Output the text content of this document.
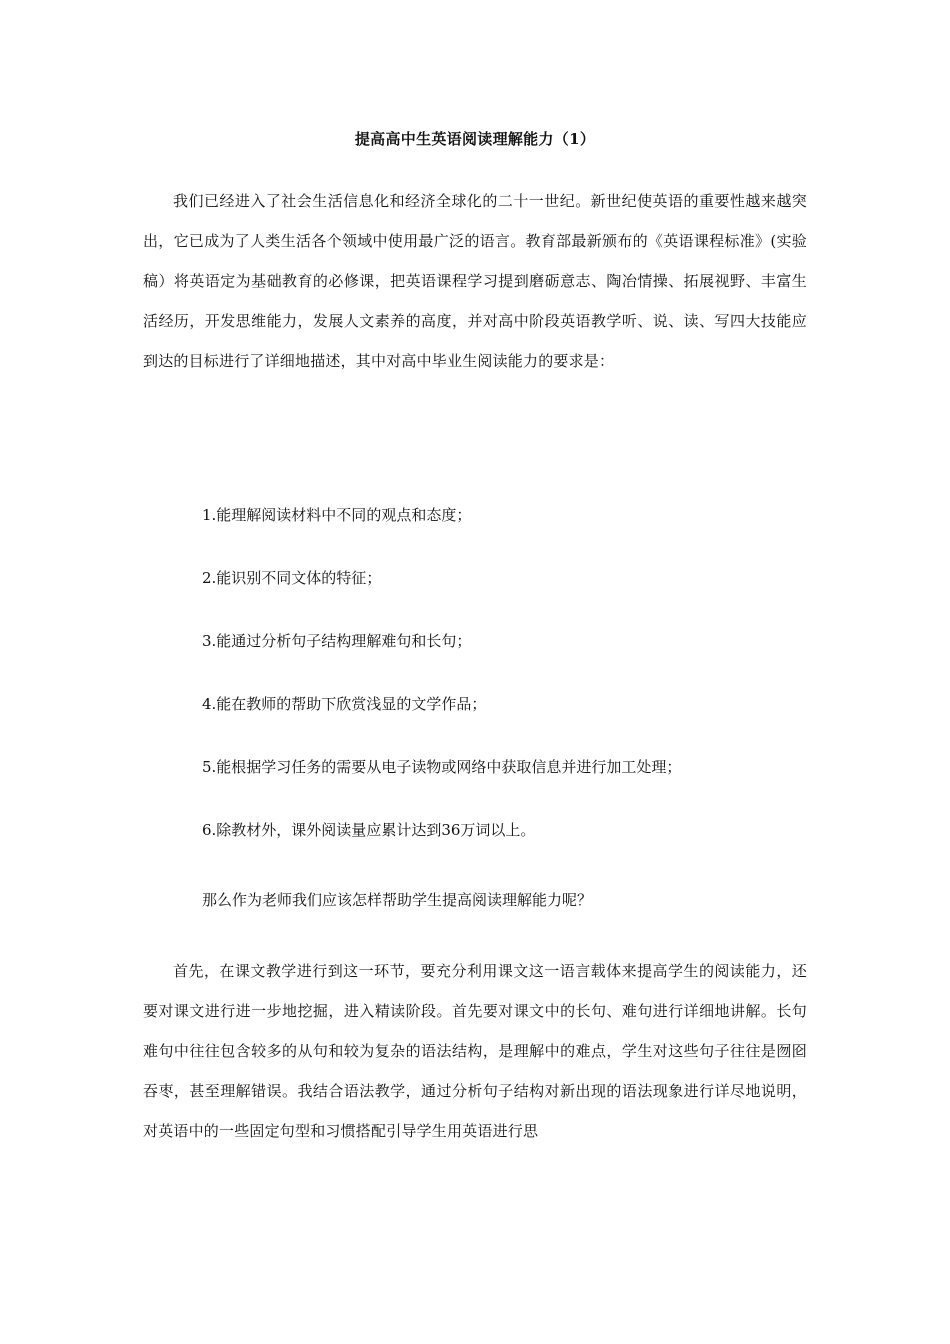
提高高中生英语阅读理解能力（1）

我们已经进入了社会生活信息化和经济全球化的二十一世纪。新世纪使英语的重要性越来越突出，它已成为了人类生活各个领域中使用最广泛的语言。教育部最新颁布的《英语课程标准》(实验稿）将英语定为基础教育的必修课，把英语课程学习提到磨砺意志、陶冶情操、拓展视野、丰富生活经历，开发思维能力，发展人文素养的高度，并对高中阶段英语教学听、说、读、写四大技能应到达的目标进行了详细地描述，其中对高中毕业生阅读能力的要求是：

1.能理解阅读材料中不同的观点和态度；
2.能识别不同文体的特征；
3.能通过分析句子结构理解难句和长句；
4.能在教师的帮助下欣赏浅显的文学作品；
5.能根据学习任务的需要从电子读物或网络中获取信息并进行加工处理；
6.除教材外，课外阅读量应累计达到36万词以上。
那么作为老师我们应该怎样帮助学生提高阅读理解能力呢？

首先，在课文教学进行到这一环节，要充分利用课文这一语言载体来提高学生的阅读能力，还要对课文进行进一步地挖掘，进入精读阶段。首先要对课文中的长句、难句进行详细地讲解。长句难句中往往包含较多的从句和较为复杂的语法结构，是理解中的难点，学生对这些句子往往是囫囵吞枣，甚至理解错误。我结合语法教学，通过分析句子结构对新出现的语法现象进行详尽地说明，对英语中的一些固定句型和习惯搭配引导学生用英语进行思
